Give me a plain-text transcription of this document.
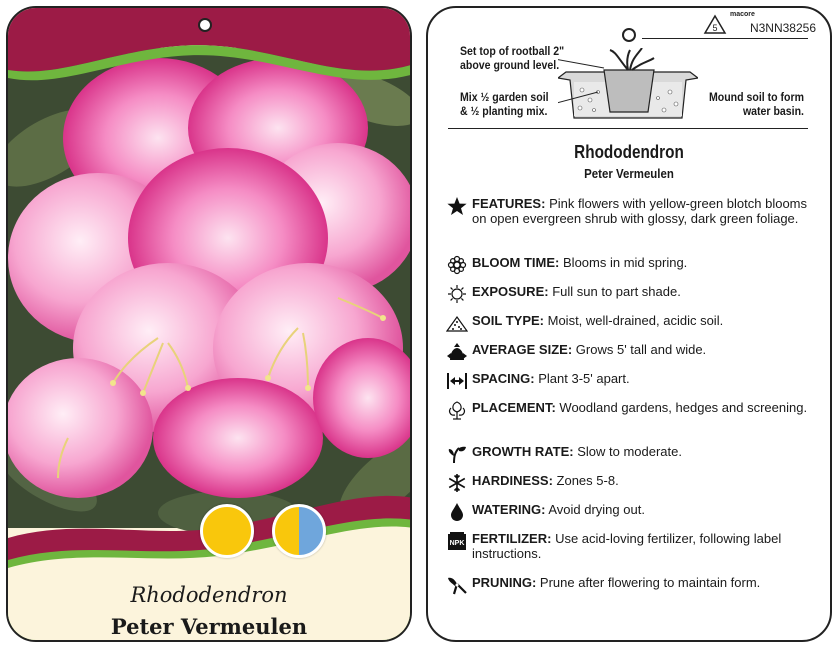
Rhododendron
Peter Vermeulen
5
macore
N3NN38256
Set top of rootball 2"
above ground level.
Mix ½ garden soil
& ½ planting mix.
Mound soil to form
water basin.
Rhododendron
Peter Vermeulen
FEATURES: Pink flowers with yellow-green blotch blooms on open evergreen shrub with glossy, dark green foliage.
BLOOM TIME: Blooms in mid spring.
EXPOSURE: Full sun to part shade.
SOIL TYPE: Moist, well-drained, acidic soil.
AVERAGE SIZE: Grows 5' tall and wide.
SPACING: Plant 3-5' apart.
PLACEMENT: Woodland gardens, hedges and screening.
GROWTH RATE: Slow to moderate.
HARDINESS: Zones 5-8.
WATERING: Avoid drying out.
NPK FERTILIZER: Use acid-loving fertilizer, following label instructions.
PRUNING: Prune after flowering to maintain form.
